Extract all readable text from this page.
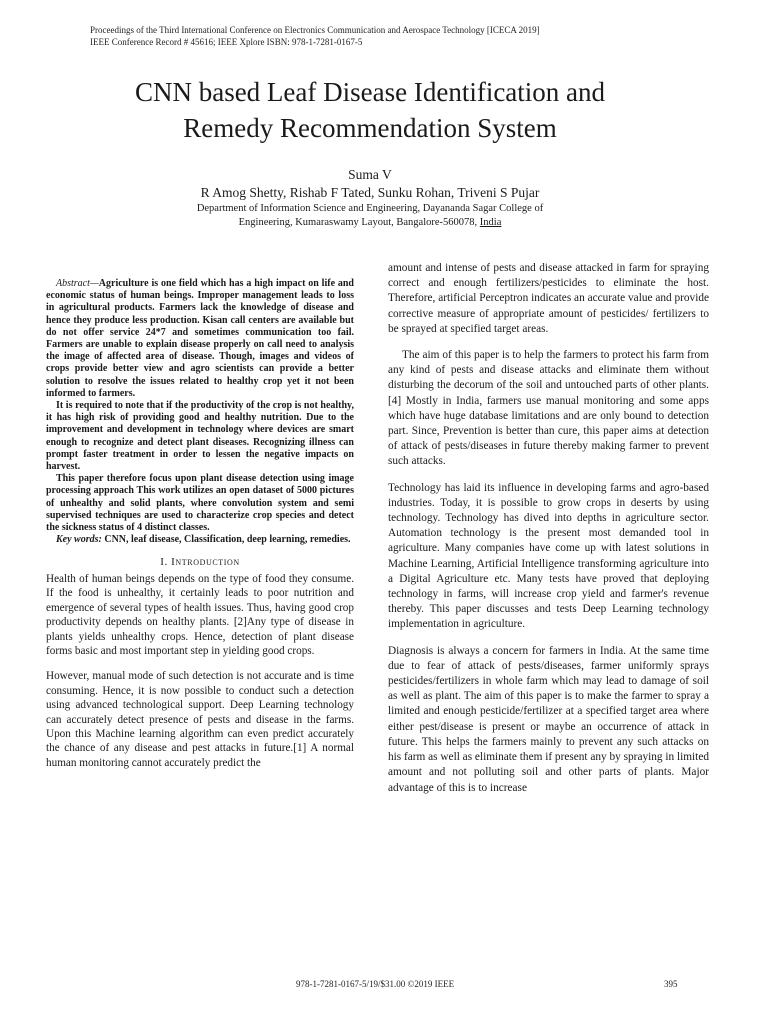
Proceedings of the Third International Conference on Electronics Communication and Aerospace Technology [ICECA 2019]
IEEE Conference Record # 45616; IEEE Xplore ISBN: 978-1-7281-0167-5
CNN based Leaf Disease Identification and
Remedy Recommendation System
Suma V
R Amog Shetty, Rishab F Tated, Sunku Rohan, Triveni S Pujar
Department of Information Science and Engineering, Dayananda Sagar College of
Engineering, Kumaraswamy Layout, Bangalore-560078, India

Abstract—Agriculture is one field which has a high impact on life and economic status of human beings. Improper management leads to loss in agricultural products. Farmers lack the knowledge of disease and hence they produce less production. Kisan call centers are available but do not offer service 24*7 and sometimes communication too fail. Farmers are unable to explain disease properly on call need to analysis the image of affected area of disease. Though, images and videos of crops provide better view and agro scientists can provide a better solution to resolve the issues related to healthy crop yet it not been informed to farmers.

It is required to note that if the productivity of the crop is not healthy, it has high risk of providing good and healthy nutrition. Due to the improvement and development in technology where devices are smart enough to recognize and detect plant diseases. Recognizing illness can prompt faster treatment in order to lessen the negative impacts on harvest.

This paper therefore focus upon plant disease detection using image processing approach This work utilizes an open dataset of 5000 pictures of unhealthy and solid plants, where convolution system and semi supervised techniques are used to characterize crop species and detect the sickness status of 4 distinct classes.

Key words: CNN, leaf disease, Classification, deep learning, remedies.

I. Introduction

Health of human beings depends on the type of food they consume. If the food is unhealthy, it certainly leads to poor nutrition and emergence of several types of health issues. Thus, having good crop productivity depends on healthy plants. [2]Any type of disease in plants yields unhealthy crops. Hence, detection of plant disease forms basic and most important step in yielding good crops.

However, manual mode of such detection is not accurate and is time consuming. Hence, it is now possible to conduct such a detection using advanced technological support. Deep Learning technology can accurately detect presence of pests and disease in the farms. Upon this Machine learning algorithm can even predict accurately the chance of any disease and pest attacks in future.[1] A normal human monitoring cannot accurately predict the

amount and intense of pests and disease attacked in farm for spraying correct and enough fertilizers/pesticides to eliminate the host. Therefore, artificial Perceptron indicates an accurate value and provide corrective measure of appropriate amount of pesticides/ fertilizers to be sprayed at specified target areas.

The aim of this paper is to help the farmers to protect his farm from any kind of pests and disease attacks and eliminate them without disturbing the decorum of the soil and untouched parts of other plants.[4] Mostly in India, farmers use manual monitoring and some apps which have huge database limitations and are only bound to detection part. Since, Prevention is better than cure, this paper aims at detection of attack of pests/diseases in future thereby making farmer to prevent such attacks.

Technology has laid its influence in developing farms and agro-based industries. Today, it is possible to grow crops in deserts by using technology. Technology has dived into depths in agriculture sector. Automation technology is the present most demanded tool in agriculture. Many companies have come up with latest solutions in Machine Learning, Artificial Intelligence transforming agriculture into a Digital Agriculture etc. Many tests have proved that deploying technology in farms, will increase crop yield and farmer's revenue thereby. This paper discusses and tests Deep Learning technology implementation in agriculture.

Diagnosis is always a concern for farmers in India. At the same time due to fear of attack of pests/diseases, farmer uniformly sprays pesticides/fertilizers in whole farm which may lead to damage of soil as well as plant. The aim of this paper is to make the farmer to spray a limited and enough pesticide/fertilizer at a specified target area where either pest/disease is present or maybe an occurrence of attack in future. This helps the farmers mainly to prevent any such attacks on his farm as well as eliminate them if present any by spraying in limited amount and not polluting soil and other parts of plants. Major advantage of this is to increase

978-1-7281-0167-5/19/$31.00 ©2019 IEEE	395
